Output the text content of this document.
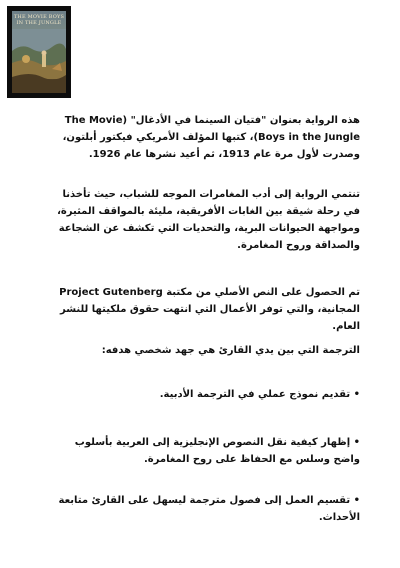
THE MOVIE BOYS IN THE JUNGLE

هذه الرواية بعنوان "فتيان السينما في الأدغال" (The Movie Boys in the Jungle)، كتبها المؤلف الأمريكي فيكتور أبلتون، وصدرت لأول مرة عام 1913، ثم أعيد نشرها عام 1926.

تنتمي الرواية إلى أدب المغامرات الموجه للشباب، حيث تأخذنا في رحلة شيقة بين الغابات الأفريقية، مليئة بالمواقف المثيرة، ومواجهة الحيوانات البرية، والتحديات التي تكشف عن الشجاعة والصداقة وروح المغامرة.

تم الحصول على النص الأصلي من مكتبة Project Gutenberg المجانية، والتي توفر الأعمال التي انتهت حقوق ملكيتها للنشر العام.

الترجمة التي بين يدي القارئ هي جهد شخصي هدفه:

• تقديم نموذج عملي في الترجمة الأدبية.

• إظهار كيفية نقل النصوص الإنجليزية إلى العربية بأسلوب واضح وسلس مع الحفاظ على روح المغامرة.

• تقسيم العمل إلى فصول مترجمة ليسهل على القارئ متابعة الأحداث.
